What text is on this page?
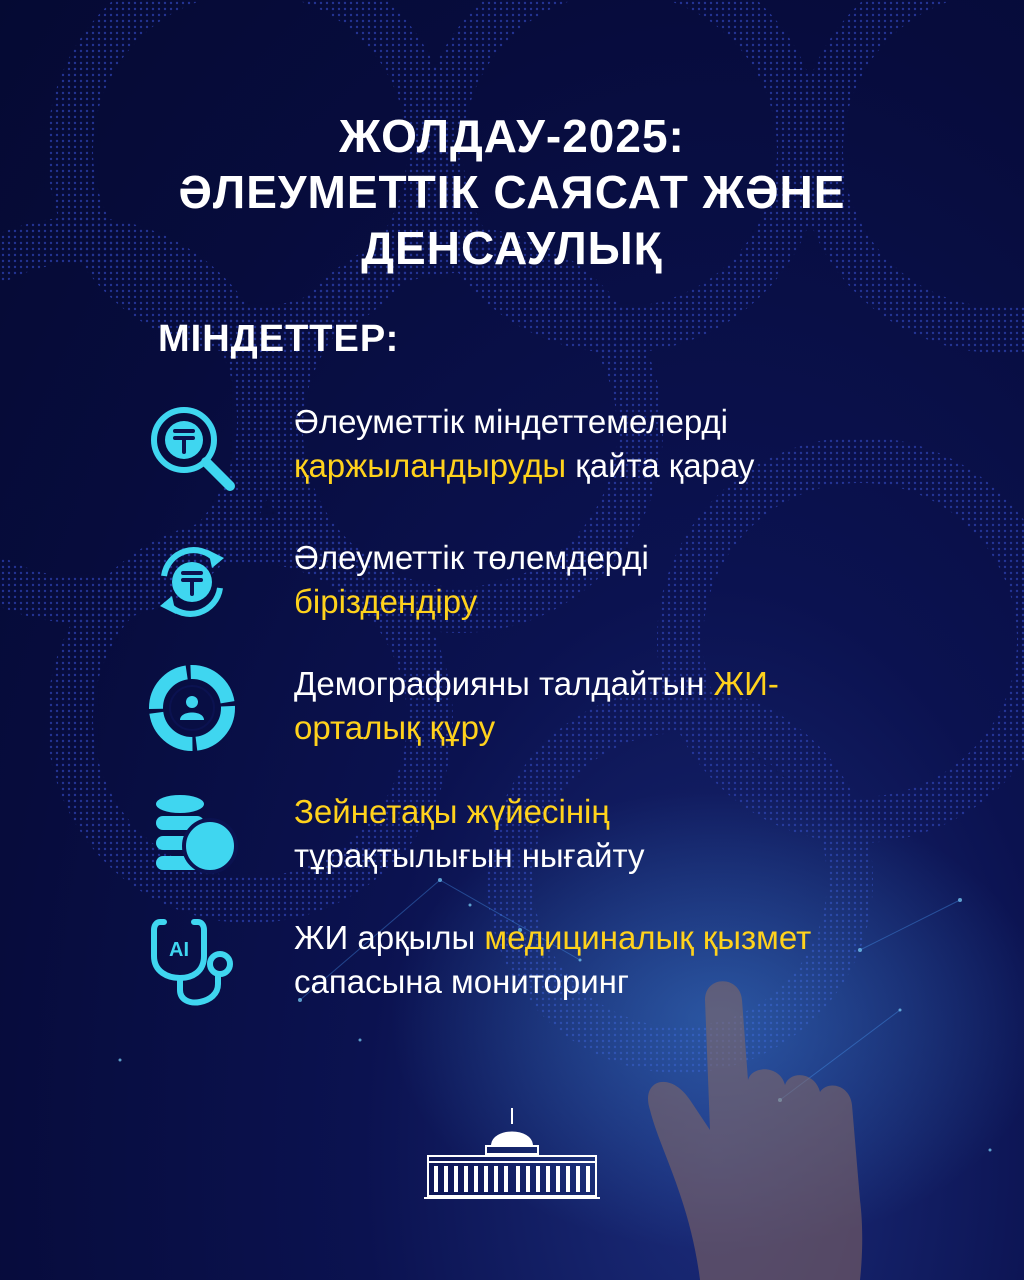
ЖОЛДАУ-2025:
ӘЛЕУМЕТТІК САЯСАТ ЖӘНЕ
ДЕНСАУЛЫҚ
МІНДЕТТЕР:
Әлеуметтік міндеттемелерді
қаржыландыруды қайта қарау
Әлеуметтік төлемдерді
біріздендіру
Демографияны талдайтын ЖИ-
орталық құру
Зейнетақы жүйесінің
тұрақтылығын нығайту
AI	ЖИ арқылы медициналық қызмет
сапасына мониторинг
